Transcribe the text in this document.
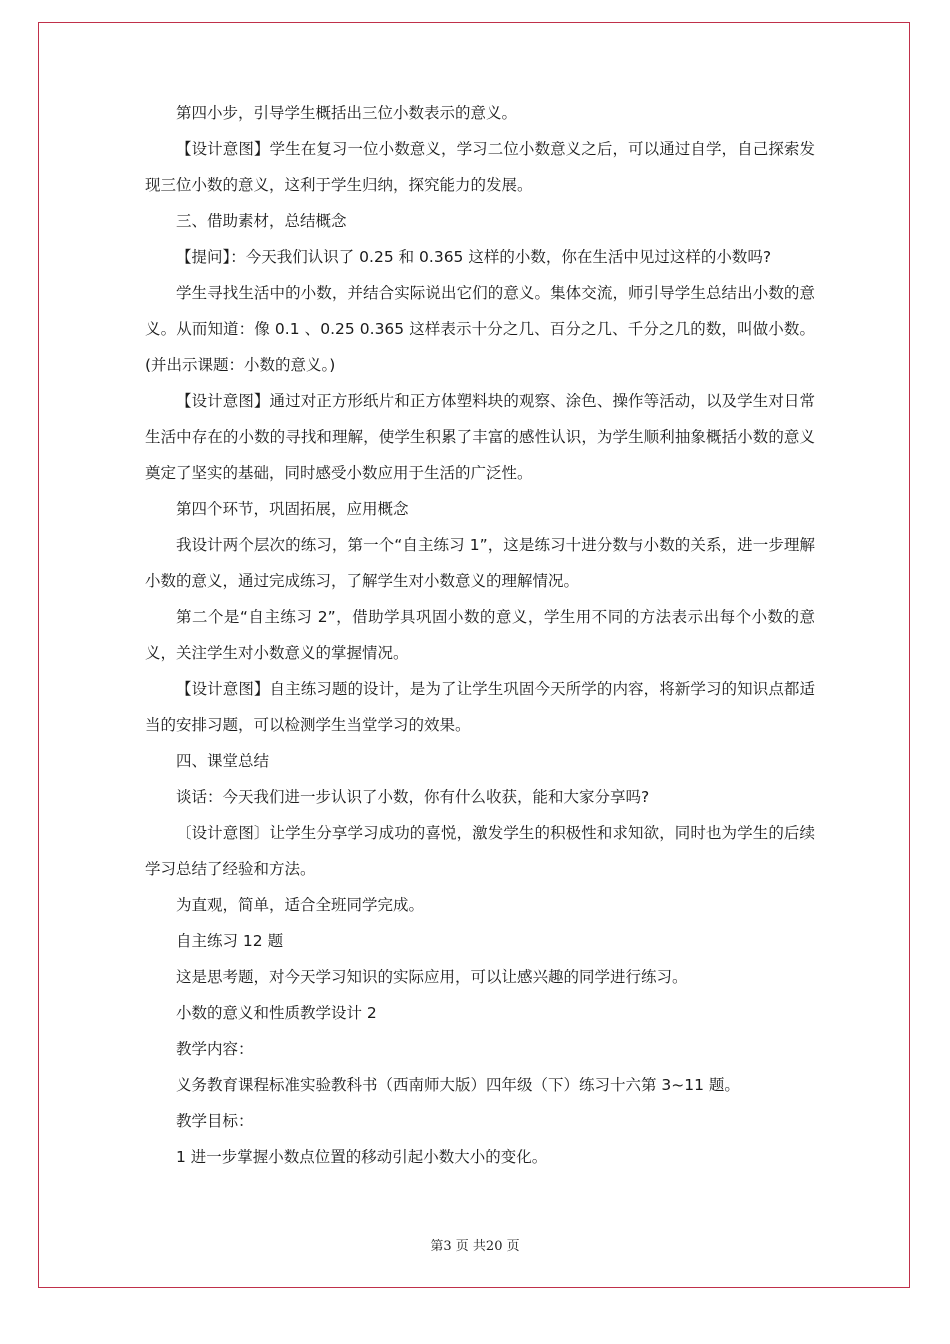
第四小步，引导学生概括出三位小数表示的意义。

【设计意图】学生在复习一位小数意义，学习二位小数意义之后，可以通过自学，自己探索发现三位小数的意义，这利于学生归纳，探究能力的发展。

三、借助素材，总结概念

【提问】：今天我们认识了 0.25 和 0.365 这样的小数，你在生活中见过这样的小数吗?

学生寻找生活中的小数，并结合实际说出它们的意义。集体交流，师引导学生总结出小数的意义。从而知道：像 0.1 、0.25 0.365 这样表示十分之几、百分之几、千分之几的数，叫做小数。(并出示课题：小数的意义。)

【设计意图】通过对正方形纸片和正方体塑料块的观察、涂色、操作等活动，以及学生对日常生活中存在的小数的寻找和理解，使学生积累了丰富的感性认识，为学生顺利抽象概括小数的意义奠定了坚实的基础，同时感受小数应用于生活的广泛性。

第四个环节，巩固拓展，应用概念

我设计两个层次的练习，第一个“自主练习 1”，这是练习十进分数与小数的关系，进一步理解小数的意义，通过完成练习，了解学生对小数意义的理解情况。

第二个是“自主练习 2”，借助学具巩固小数的意义，学生用不同的方法表示出每个小数的意义，关注学生对小数意义的掌握情况。

【设计意图】自主练习题的设计，是为了让学生巩固今天所学的内容，将新学习的知识点都适当的安排习题，可以检测学生当堂学习的效果。

四、课堂总结

谈话：今天我们进一步认识了小数，你有什么收获，能和大家分享吗?

〔设计意图〕让学生分享学习成功的喜悦，激发学生的积极性和求知欲，同时也为学生的后续学习总结了经验和方法。

为直观，简单，适合全班同学完成。

自主练习 12 题

这是思考题，对今天学习知识的实际应用，可以让感兴趣的同学进行练习。

小数的意义和性质教学设计 2

教学内容：

义务教育课程标准实验教科书（西南师大版）四年级（下）练习十六第 3~11 题。

教学目标：

1 进一步掌握小数点位置的移动引起小数大小的变化。

第3 页 共20 页
